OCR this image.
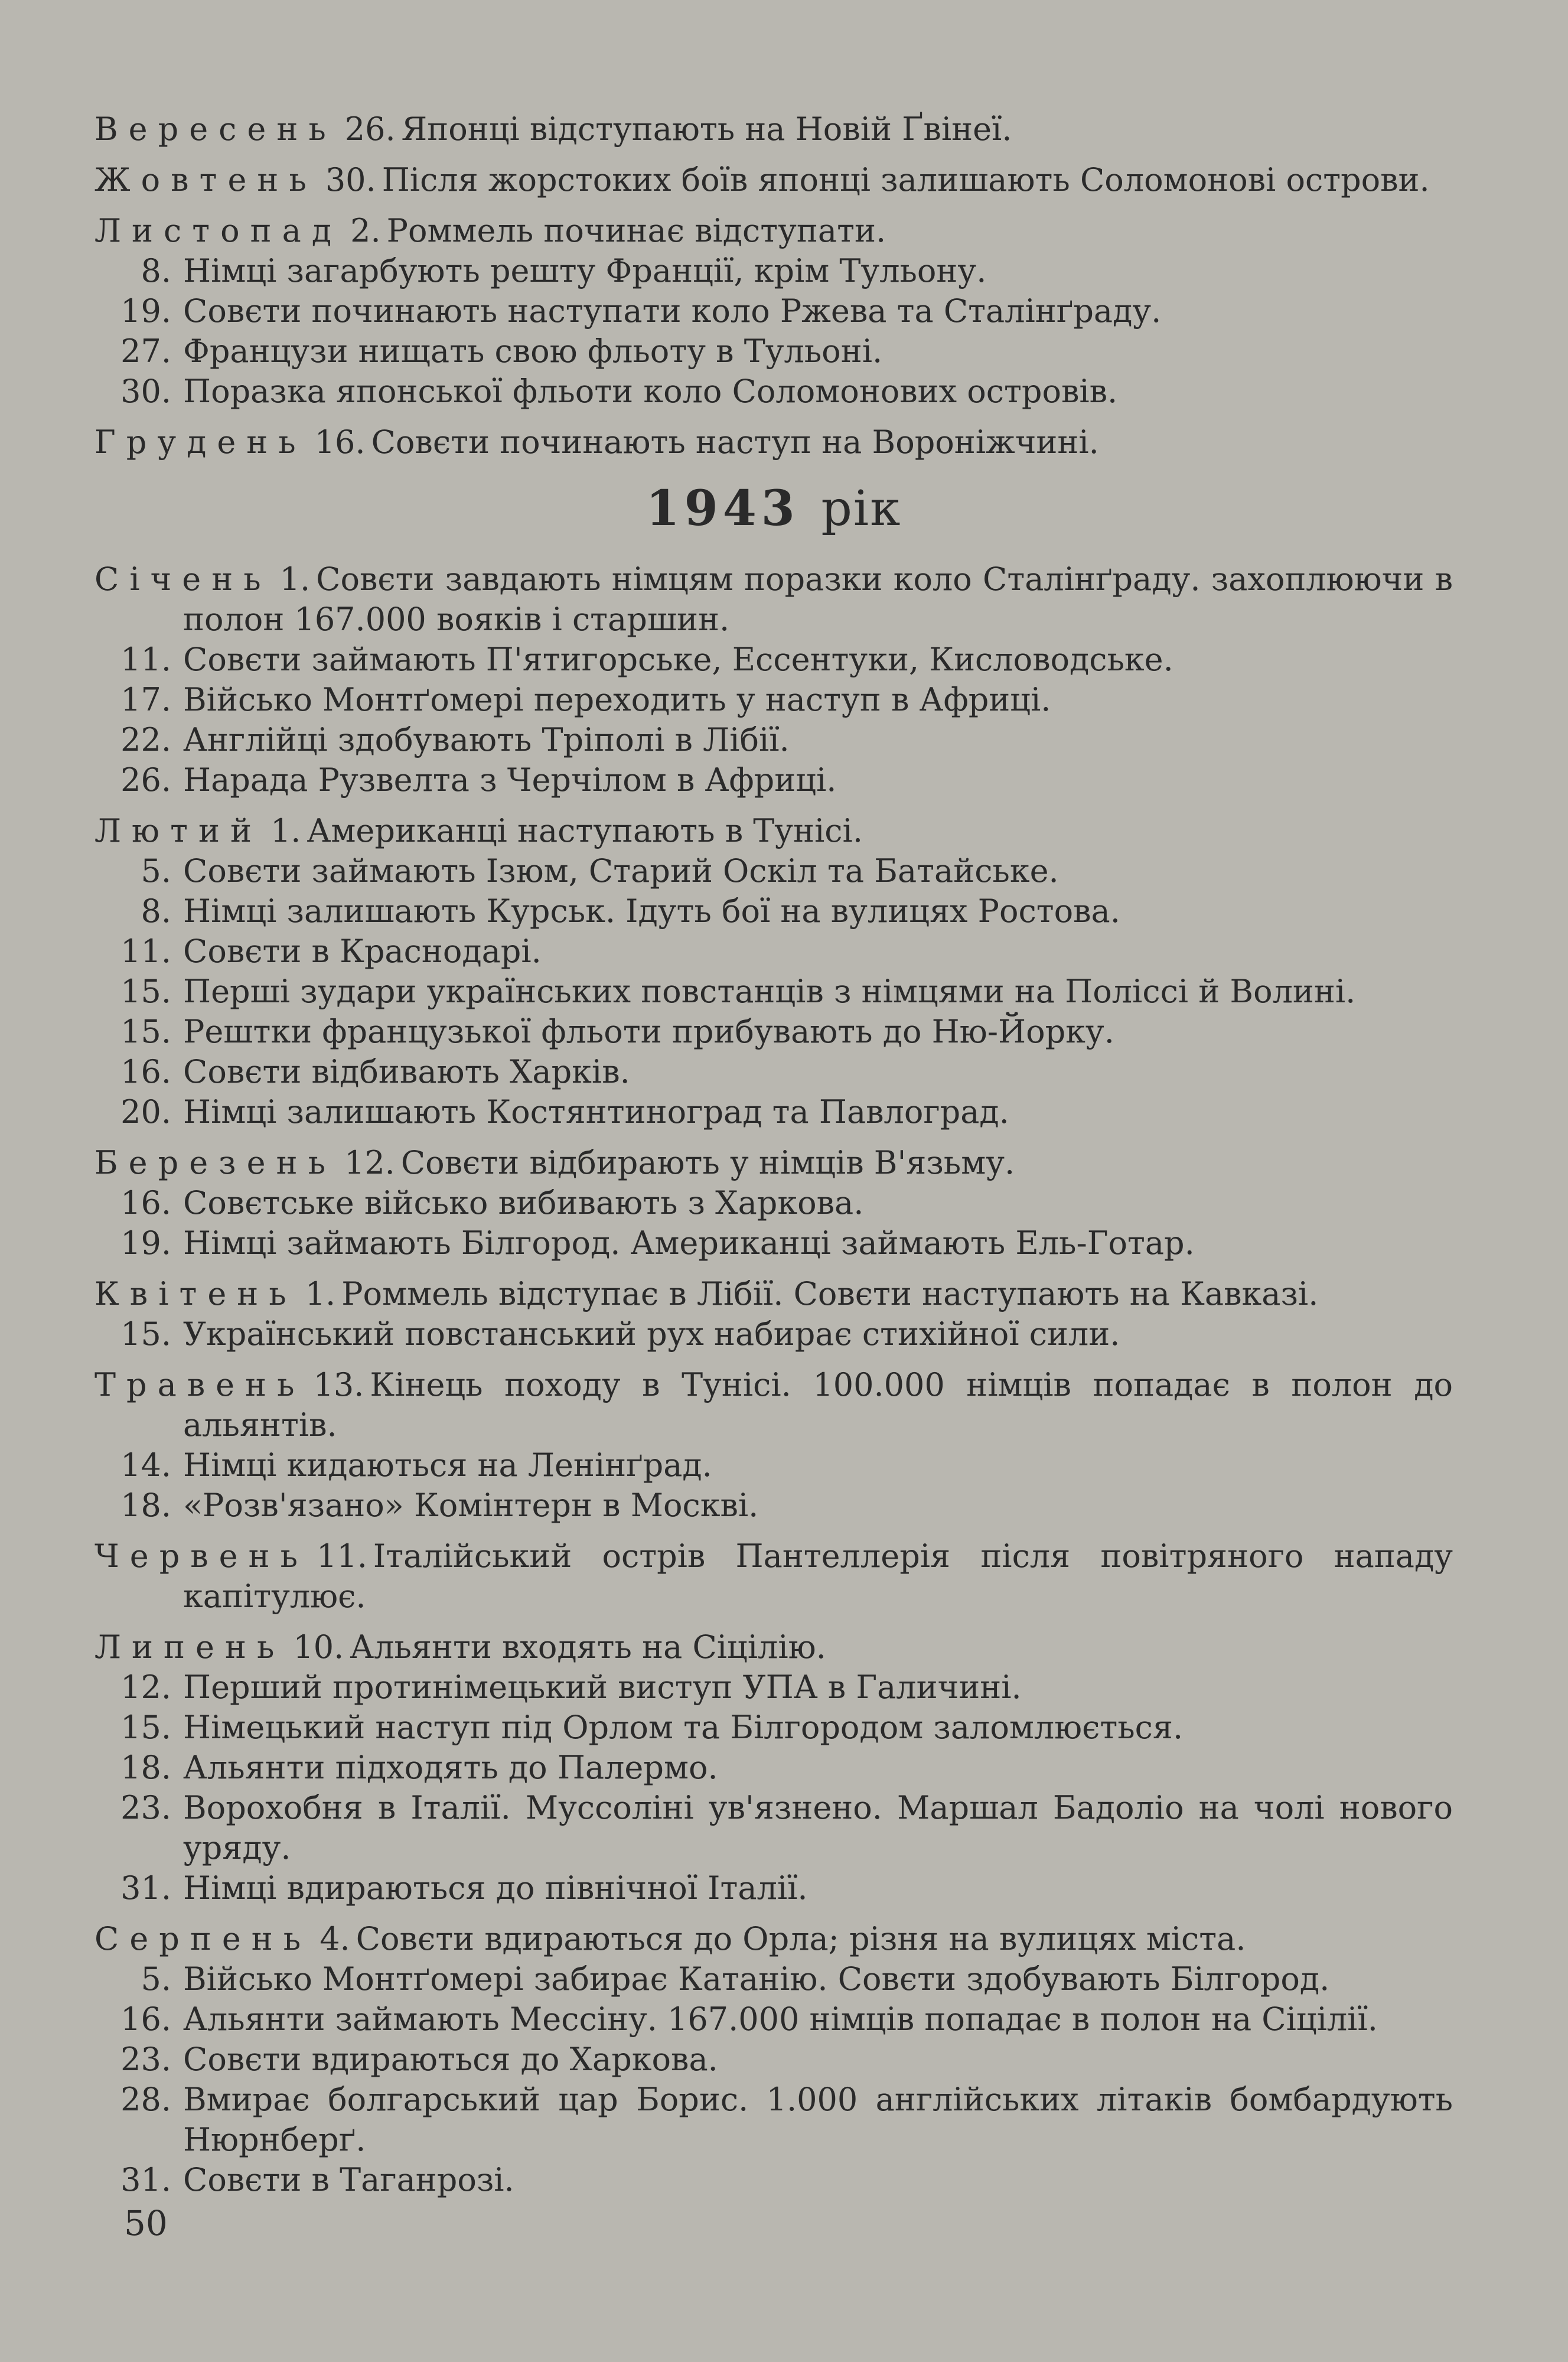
Вересень 26. Японці відступають на Новій Ґвінеї.
Жовтень 30. Після жорстоких боїв японці залишають Соломонові острови.
Листопад 2. Роммель починає відступати.
8. Німці загарбують решту Франції, крім Тульону.
19. Совєти починають наступати коло Ржева та Сталінґраду.
27. Французи нищать свою фльоту в Тульоні.
30. Поразка японської фльоти коло Соломонових островів.
Грудень 16. Совєти починають наступ на Вороніжчині.
1943 рік
Січень 1. Совєти завдають німцям поразки коло Сталінґраду. захоплюючи в полон 167.000 вояків і старшин.
11. Совєти займають П'ятигорське, Ессентуки, Кисловодське.
17. Військо Монтґомері переходить у наступ в Африці.
22. Англійці здобувають Тріполі в Лібії.
26. Нарада Рузвелта з Черчілом в Африці.
Лютий 1. Американці наступають в Тунісі.
5. Совєти займають Ізюм, Старий Оскіл та Батайське.
8. Німці залишають Курськ. Ідуть бої на вулицях Ростова.
11. Совєти в Краснодарі.
15. Перші зудари українських повстанців з німцями на Поліссі й Волині.
15. Рештки французької фльоти прибувають до Ню-Йорку.
16. Совєти відбивають Харків.
20. Німці залишають Костянтиноград та Павлоград.
Березень 12. Совєти відбирають у німців В'язьму.
16. Совєтське військо вибивають з Харкова.
19. Німці займають Білгород. Американці займають Ель-Готар.
Квітень 1. Роммель відступає в Лібії. Совєти наступають на Кавказі.
15. Український повстанський рух набирає стихійної сили.
Травень 13. Кінець походу в Тунісі. 100.000 німців попадає в полон до альянтів.
14. Німці кидаються на Ленінґрад.
18. «Розв'язано» Комінтерн в Москві.
Червень 11. Італійський острів Пантеллерія після повітряного нападу капітулює.
Липень 10. Альянти входять на Сіцілію.
12. Перший протинімецький виступ УПА в Галичині.
15. Німецький наступ під Орлом та Білгородом заломлюється.
18. Альянти підходять до Палермо.
23. Ворохобня в Італії. Муссоліні ув'язнено. Маршал Бадоліо на чолі нового уряду.
31. Німці вдираються до північної Італії.
Серпень 4. Совєти вдираються до Орла; різня на вулицях міста.
5. Військо Монтґомері забирає Катанію. Совєти здобувають Білгород.
16. Альянти займають Мессіну. 167.000 німців попадає в полон на Сіцілії.
23. Совєти вдираються до Харкова.
28. Вмирає болгарський цар Борис. 1.000 англійських літаків бомбардують Нюрнберґ.
31. Совєти в Таганрозі.
50
